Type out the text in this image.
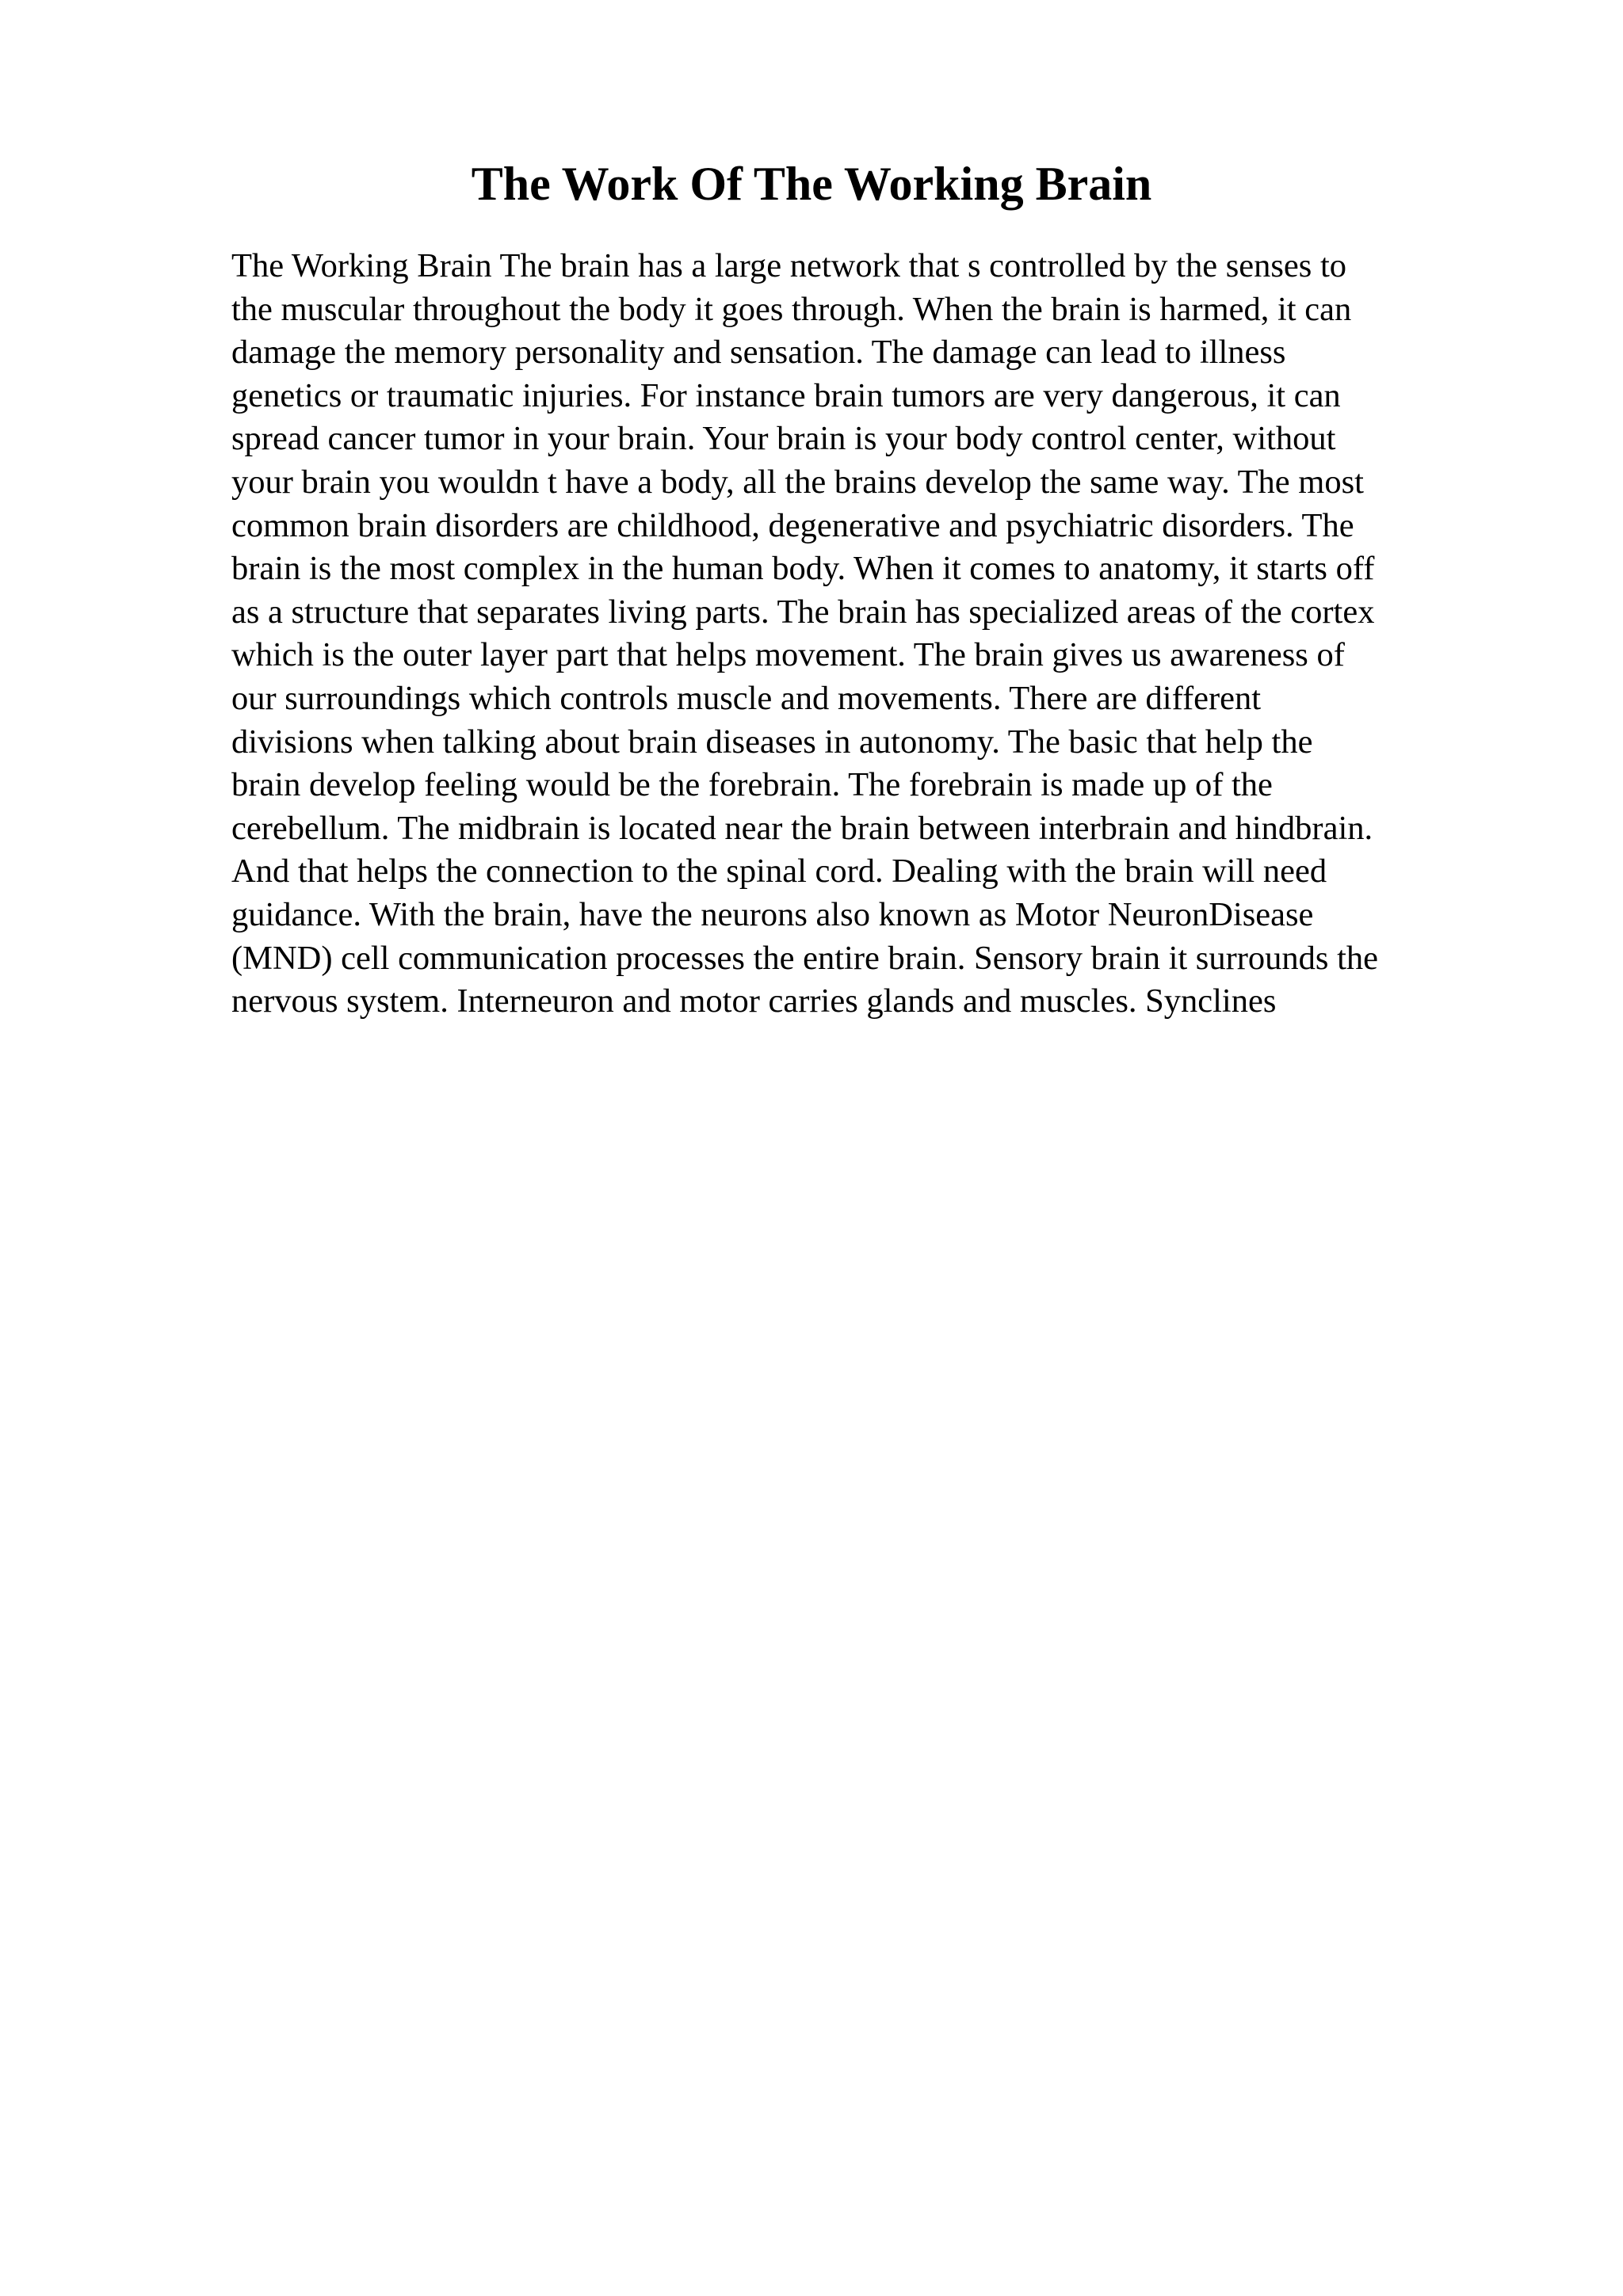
The Work Of The Working Brain
The Working Brain The brain has a large network that s controlled by the senses to
the muscular throughout the body it goes through. When the brain is harmed, it can
damage the memory personality and sensation. The damage can lead to illness
genetics or traumatic injuries. For instance brain tumors are very dangerous, it can
spread cancer tumor in your brain. Your brain is your body control center, without
your brain you wouldn t have a body, all the brains develop the same way. The most
common brain disorders are childhood, degenerative and psychiatric disorders. The
brain is the most complex in the human body. When it comes to anatomy, it starts off
as a structure that separates living parts. The brain has specialized areas of the cortex
which is the outer layer part that helps movement. The brain gives us awareness of
our surroundings which controls muscle and movements. There are different
divisions when talking about brain diseases in autonomy. The basic that help the
brain develop feeling would be the forebrain. The forebrain is made up of the
cerebellum. The midbrain is located near the brain between interbrain and hindbrain.
And that helps the connection to the spinal cord. Dealing with the brain will need
guidance. With the brain, have the neurons also known as Motor NeuronDisease
(MND) cell communication processes the entire brain. Sensory brain it surrounds the
nervous system. Interneuron and motor carries glands and muscles. Synclines
